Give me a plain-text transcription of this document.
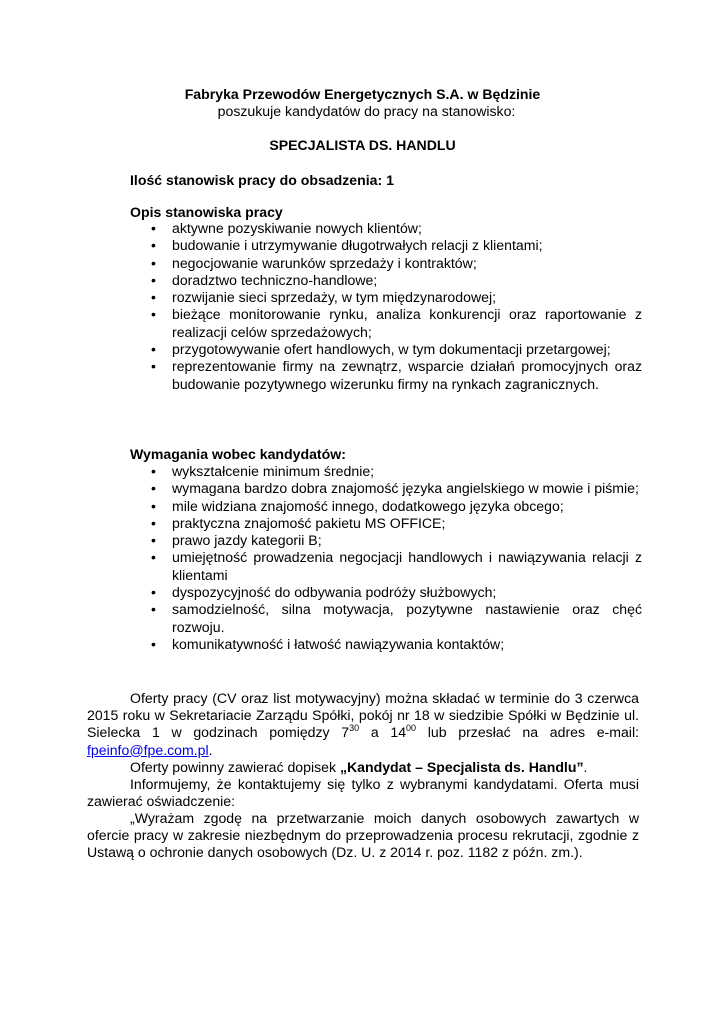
Fabryka Przewodów Energetycznych S.A. w Będzinie
poszukuje kandydatów do pracy na stanowisko:
SPECJALISTA DS. HANDLU
Ilość stanowisk pracy do obsadzenia: 1
Opis stanowiska pracy
• aktywne pozyskiwanie nowych klientów;
• budowanie i utrzymywanie długotrwałych relacji z klientami;
• negocjowanie warunków sprzedaży i kontraktów;
• doradztwo techniczno-handlowe;
• rozwijanie sieci sprzedaży, w tym międzynarodowej;
• bieżące monitorowanie rynku, analiza konkurencji oraz raportowanie z realizacji celów sprzedażowych;
• przygotowywanie ofert handlowych, w tym dokumentacji przetargowej;
• reprezentowanie firmy na zewnątrz, wsparcie działań promocyjnych oraz budowanie pozytywnego wizerunku firmy na rynkach zagranicznych.
Wymagania wobec kandydatów:
• wykształcenie minimum średnie;
• wymagana bardzo dobra znajomość języka angielskiego w mowie i piśmie;
• mile widziana znajomość innego, dodatkowego języka obcego;
• praktyczna znajomość pakietu MS OFFICE;
• prawo jazdy kategorii B;
• umiejętność prowadzenia negocjacji handlowych i nawiązywania relacji z klientami
• dyspozycyjność do odbywania podróży służbowych;
• samodzielność, silna motywacja, pozytywne nastawienie oraz chęć rozwoju.
• komunikatywność i łatwość nawiązywania kontaktów;

Oferty pracy (CV oraz list motywacyjny) można składać w terminie do 3 czerwca 2015 roku w Sekretariacie Zarządu Spółki, pokój nr 18 w siedzibie Spółki w Będzinie ul. Sielecka 1 w godzinach pomiędzy $7^{30}$ a $14^{00}$ lub przesłać na adres e-mail: fpeinfo@fpe.com.pl.

Oferty powinny zawierać dopisek „Kandydat – Specjalista ds. Handlu”.

Informujemy, że kontaktujemy się tylko z wybranymi kandydatami. Oferta musi zawierać oświadczenie:

„Wyrażam zgodę na przetwarzanie moich danych osobowych zawartych w ofercie pracy w zakresie niezbędnym do przeprowadzenia procesu rekrutacji, zgodnie z Ustawą o ochronie danych osobowych (Dz. U. z 2014 r. poz. 1182 z późn. zm.).
